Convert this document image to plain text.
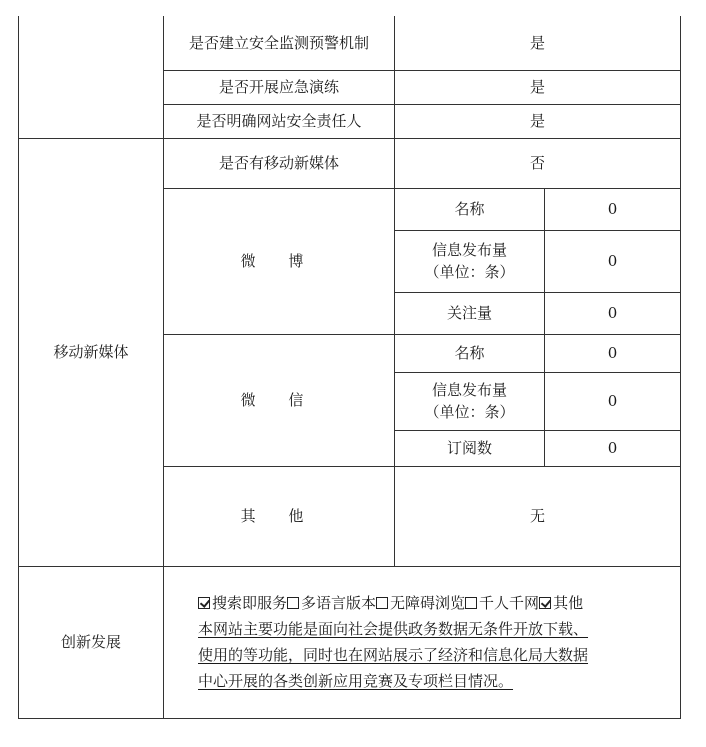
	是否建立安全监测预警机制	是	
	是否开展应急演练	是	
	是否明确网站安全责任人	是	
移动新媒体	是否有移动新媒体	否	
	微 博	名称	0

		信息发布量
（单位：条）	0
		关注量	0
	微 信	名称	0

		信息发布量
（单位：条）	0
		订阅数	0
	其 他	无	
创新发展	搜索即服务 多语言版本 无障碍浏览 千人千网 其他
本网站主要功能是面向社会提供政务数据无条件开放下载、
使用的等功能，同时也在网站展示了经济和信息化局大数据
中心开展的各类创新应用竞赛及专项栏目情况。		
